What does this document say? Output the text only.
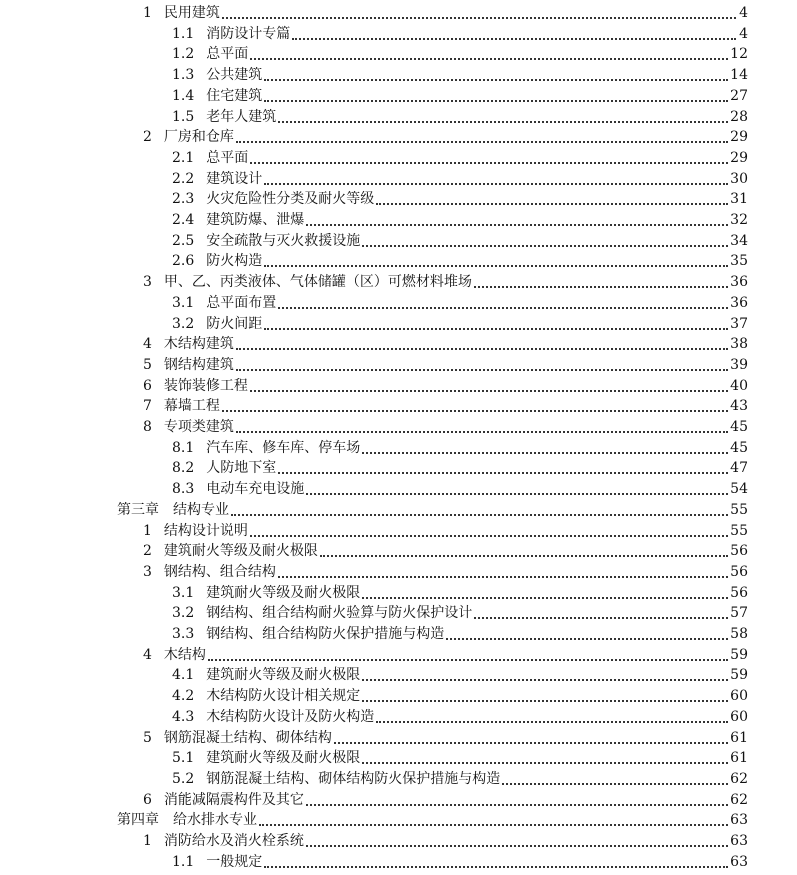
1 民用建筑	4
1.1 消防设计专篇	4
1.2 总平面	12
1.3 公共建筑	14
1.4 住宅建筑	27
1.5 老年人建筑	28
2 厂房和仓库	29
2.1 总平面	29
2.2 建筑设计	30
2.3 火灾危险性分类及耐火等级	31
2.4 建筑防爆、泄爆	32
2.5 安全疏散与灭火救援设施	34
2.6 防火构造	35
3 甲、乙、丙类液体、气体储罐（区）可燃材料堆场	36
3.1 总平面布置	36
3.2 防火间距	37
4 木结构建筑	38
5 钢结构建筑	39
6 装饰装修工程	40
7 幕墙工程	43
8 专项类建筑	45
8.1 汽车库、修车库、停车场	45
8.2 人防地下室	47
8.3 电动车充电设施	54
第三章 结构专业	55
1 结构设计说明	55
2 建筑耐火等级及耐火极限	56
3 钢结构、组合结构	56
3.1 建筑耐火等级及耐火极限	56
3.2 钢结构、组合结构耐火验算与防火保护设计	57
3.3 钢结构、组合结构防火保护措施与构造	58
4 木结构	59
4.1 建筑耐火等级及耐火极限	59
4.2 木结构防火设计相关规定	60
4.3 木结构防火设计及防火构造	60
5 钢筋混凝土结构、砌体结构	61
5.1 建筑耐火等级及耐火极限	61
5.2 钢筋混凝土结构、砌体结构防火保护措施与构造	62
6 消能减隔震构件及其它	62
第四章 给水排水专业	63
1 消防给水及消火栓系统	63
1.1 一般规定	63
